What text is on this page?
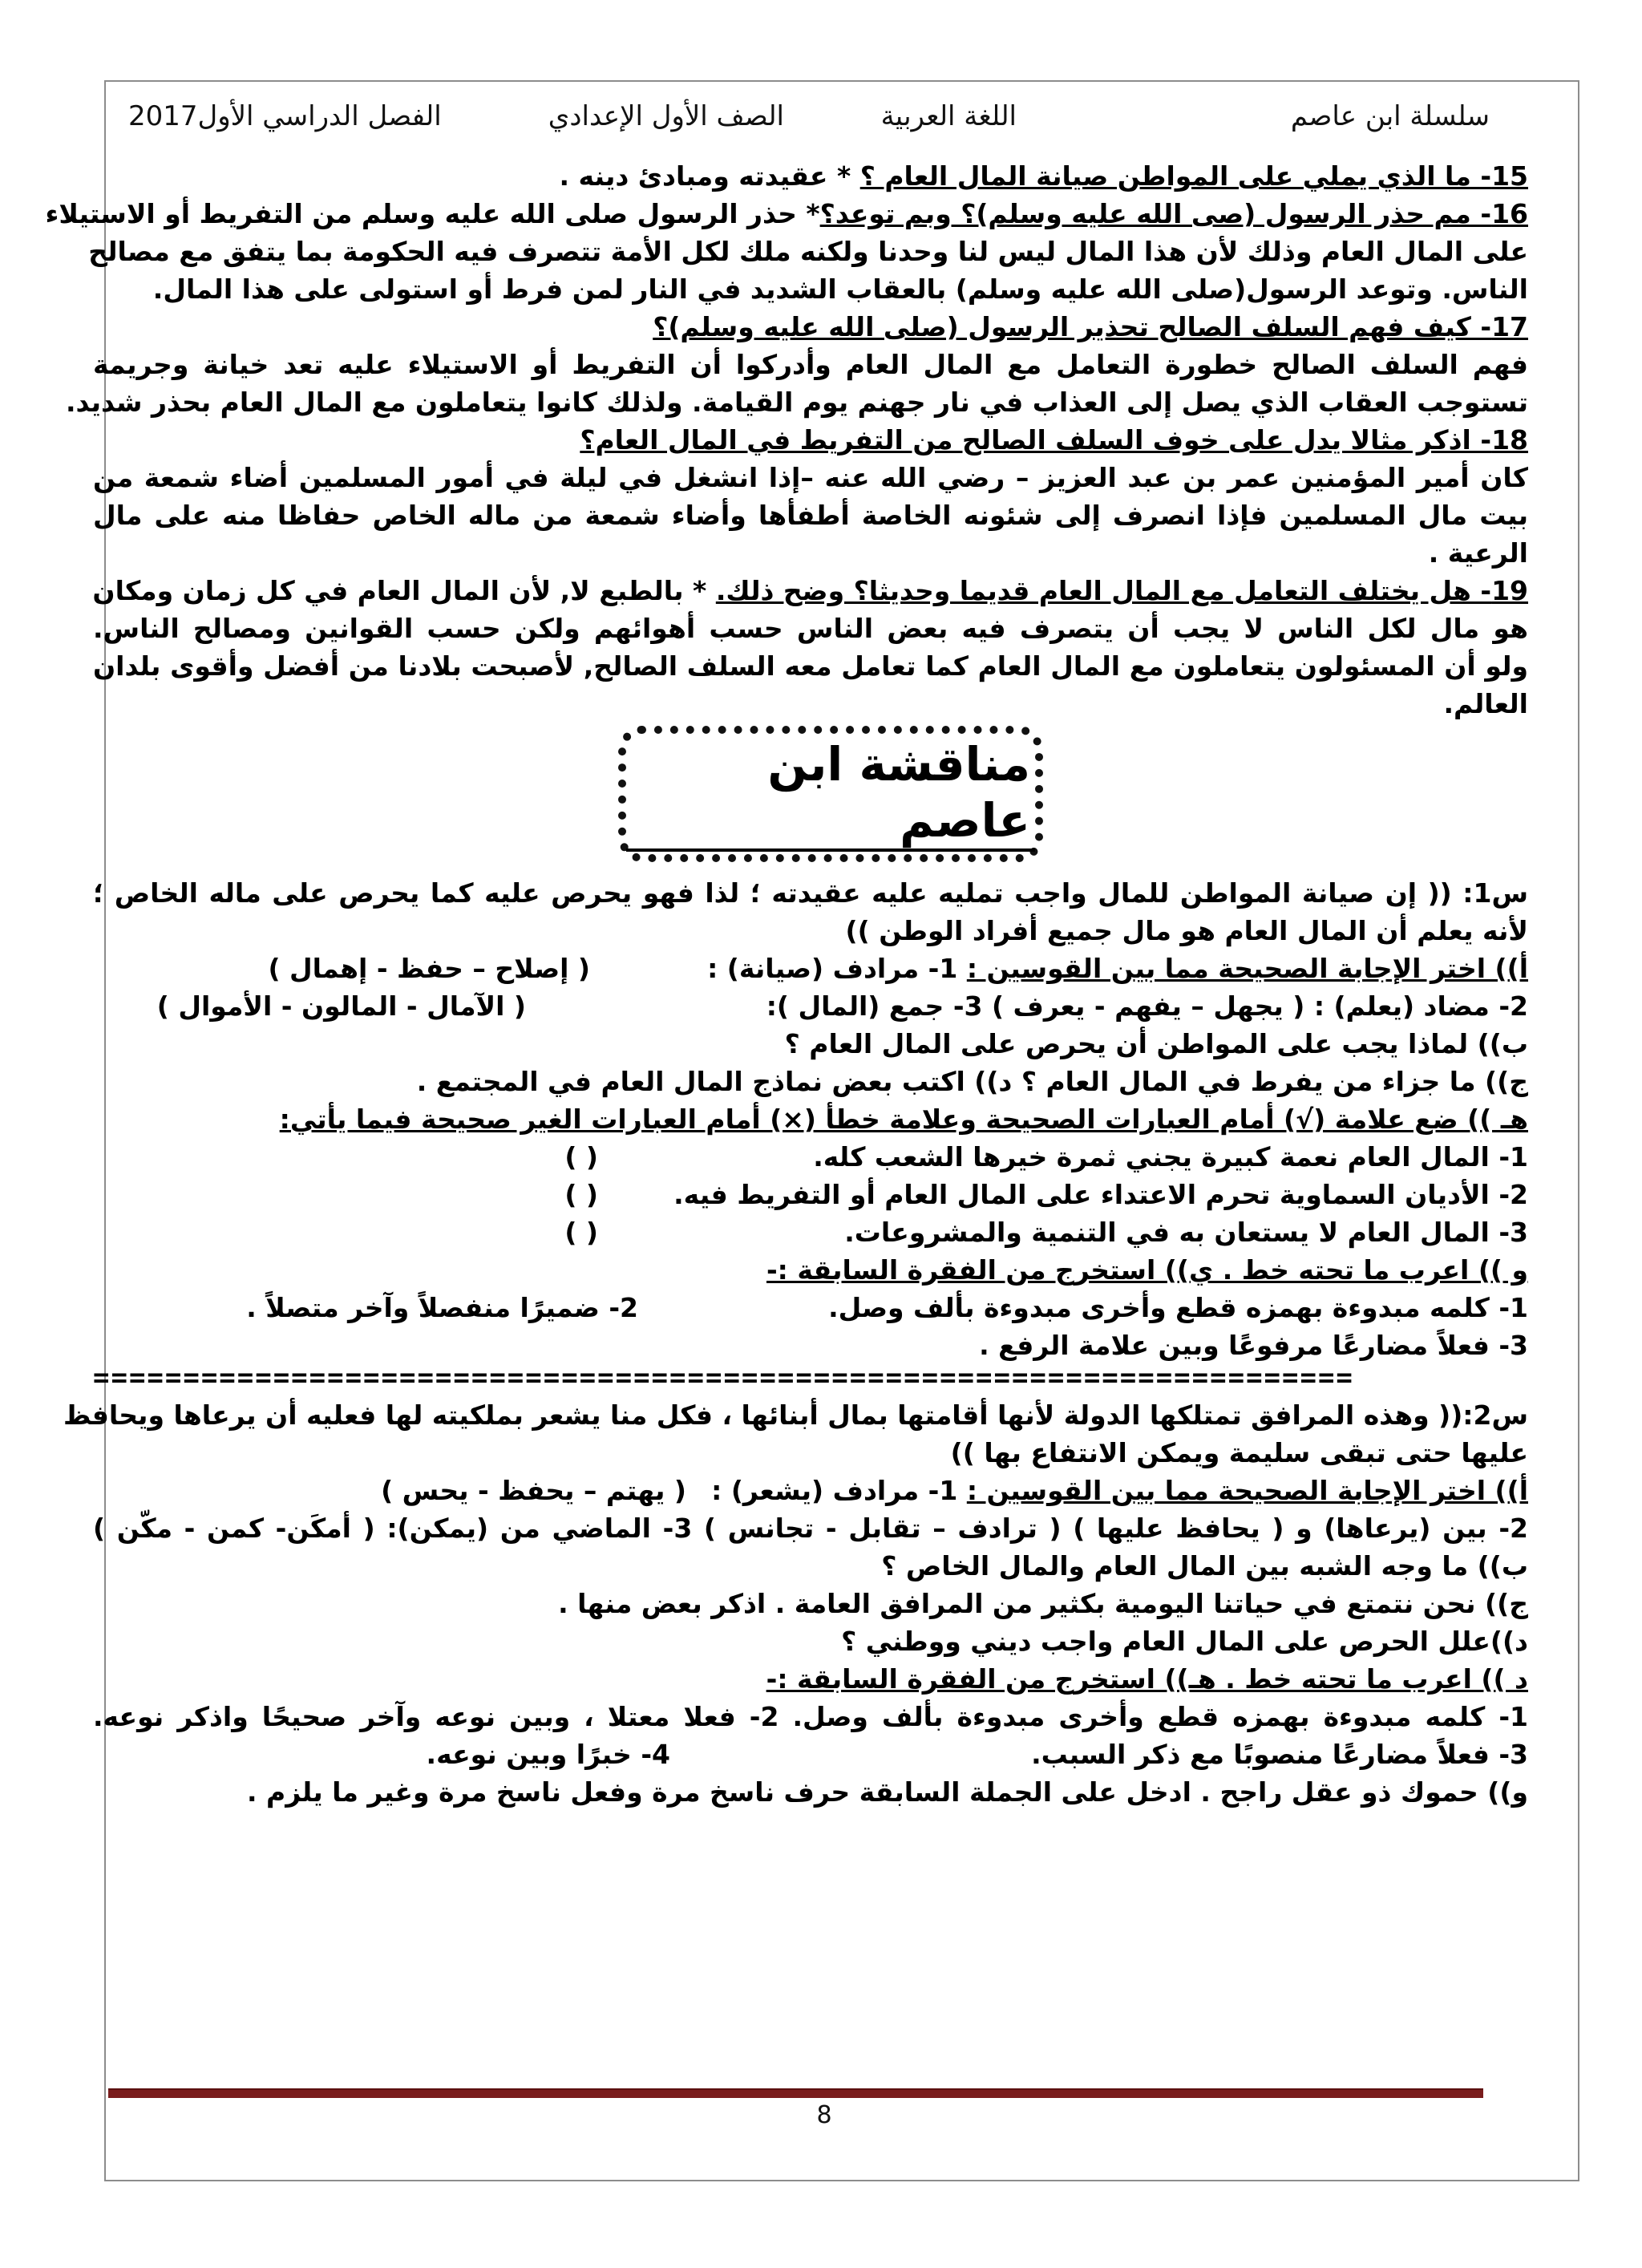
سلسلة ابن عاصم
اللغة العربية
الصف الأول الإعدادي
الفصل الدراسي الأول2017
15- ما الذي يملي على المواطن صيانة المال العام ؟ * عقيدته ومبادئ دينه .
16- مم حذر الرسول (صى الله عليه وسلم)؟ وبم توعد؟* حذر الرسول صلى الله عليه وسلم من التفريط أو الاستيلاء
على المال العام وذلك لأن هذا المال ليس لنا وحدنا ولكنه ملك لكل الأمة تتصرف فيه الحكومة بما يتفق مع مصالح
الناس. وتوعد الرسول(صلى الله عليه وسلم) بالعقاب الشديد في النار لمن فرط أو استولى على هذا المال.
17- كيف فهم السلف الصالح تحذير الرسول (صلى الله عليه وسلم)؟
فهم السلف الصالح خطورة التعامل مع المال العام وأدركوا أن التفريط أو الاستيلاء عليه تعد خيانة وجريمة
تستوجب العقاب الذي يصل إلى العذاب في نار جهنم يوم القيامة. ولذلك كانوا يتعاملون مع المال العام بحذر شديد.
18- اذكر مثالا يدل على خوف السلف الصالح من التفريط في المال العام؟
كان أمير المؤمنين عمر بن عبد العزيز – رضي الله عنه –إذا انشغل في ليلة في أمور المسلمين أضاء شمعة من
بيت مال المسلمين فإذا انصرف إلى شئونه الخاصة أطفأها وأضاء شمعة من ماله الخاص حفاظا منه على مال
الرعية .
19- هل يختلف التعامل مع المال العام قديما وحديثا؟ وضح ذلك. * بالطبع لا, لأن المال العام في كل زمان ومكان
هو مال لكل الناس لا يجب أن يتصرف فيه بعض الناس حسب أهوائهم ولكن حسب القوانين ومصالح الناس.
ولو أن المسئولون يتعاملون مع المال العام كما تعامل معه السلف الصالح, لأصبحت بلادنا من أفضل وأقوى بلدان
العالم.
مناقشة ابن عاصم
س1: (( إن صيانة المواطن للمال واجب تمليه عليه عقيدته ؛ لذا فهو يحرص عليه كما يحرص على ماله الخاص ؛
لأنه يعلم أن المال العام هو مال جميع أفراد الوطن ))
أ)) اختر الإجابة الصحيحة مما بين القوسين : 1- مرادف (صيانة) :
( إصلاح – حفظ - إهمال )
2- مضاد (يعلم) : ( يجهل – يفهم - يعرف ) 3- جمع (المال ):
( الآمال - المالون - الأموال )
ب)) لماذا يجب على المواطن أن يحرص على المال العام ؟
ج)) ما جزاء من يفرط في المال العام ؟ د)) اكتب بعض نماذج المال العام في المجتمع .
هـ )) ضع علامة (√) أمام العبارات الصحيحة وعلامة خطأ (×) أمام العبارات الغير صحيحة فيما يأتي:
1- المال العام نعمة كبيرة يجني ثمرة خيرها الشعب كله.
( )
2- الأديان السماوية تحرم الاعتداء على المال العام أو التفريط فيه.
( )
3- المال العام لا يستعان به في التنمية والمشروعات.
( )
و )) اعرب ما تحته خط . ي)) استخرج من الفقرة السابقة :-
1- كلمه مبدوءة بهمزه قطع وأخرى مبدوءة بألف وصل.
2- ضميرًا منفصلاً وآخر متصلاً .
3- فعلاً مضارعًا مرفوعًا وبين علامة الرفع .
======================================================================
س2:(( وهذه المرافق تمتلكها الدولة لأنها أقامتها بمال أبنائها ، فكل منا يشعر بملكيته لها فعليه أن يرعاها ويحافظ
عليها حتى تبقى سليمة ويمكن الانتفاع بها ))
أ)) اختر الإجابة الصحيحة مما بين القوسين : 1- مرادف (يشعر) :
( يهتم – يحفظ - يحس )
2- بين (يرعاها) و ( يحافظ عليها ) ( ترادف – تقابل - تجانس ) 3- الماضي من (يمكن): ( أمكَن- كمن - مكّن )
ب)) ما وجه الشبه بين المال العام والمال الخاص ؟
ج)) نحن نتمتع في حياتنا اليومية بكثير من المرافق العامة . اذكر بعض منها .
د))علل الحرص على المال العام واجب ديني ووطني ؟
د )) اعرب ما تحته خط . هـ)) استخرج من الفقرة السابقة :-
1- كلمه مبدوءة بهمزه قطع وأخرى مبدوءة بألف وصل. 2- فعلا معتلا ، وبين نوعه وآخر صحيحًا واذكر نوعه.
3- فعلاً مضارعًا منصوبًا مع ذكر السبب.
4- خبرًا وبين نوعه.
و)) حموك ذو عقل راجح . ادخل على الجملة السابقة حرف ناسخ مرة وفعل ناسخ مرة وغير ما يلزم .
8
